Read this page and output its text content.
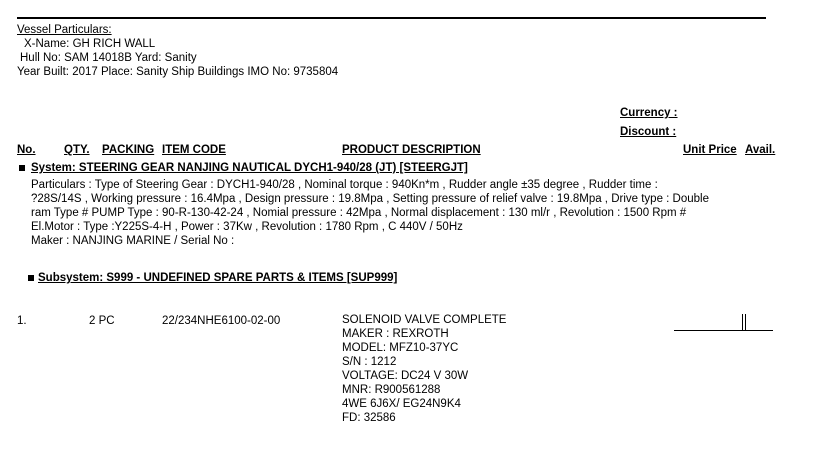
Vessel Particulars:
X-Name: GH RICH WALL
Hull No: SAM 14018B Yard: Sanity
Year Built: 2017 Place: Sanity Ship Buildings IMO No: 9735804
Currency :
Discount :
No. QTY. PACKING ITEM CODE	PRODUCT DESCRIPTION	Unit Price Avail.
System: STEERING GEAR NANJING NAUTICAL DYCH1-940/28 (JT) [STEERGJT]
Particulars : Type of Steering Gear : DYCH1-940/28 , Nominal torque : 940Kn*m , Rudder angle ±35 degree , Rudder time :
?28S/14S , Working pressure : 16.4Mpa , Design pressure : 19.8Mpa , Setting pressure of relief valve : 19.8Mpa , Drive type : Double
ram Type # PUMP Type : 90-R-130-42-24 , Nomial pressure : 42Mpa , Normal displacement : 130 ml/r , Revolution : 1500 Rpm #
El.Motor : Type :Y225S-4-H , Power : 37Kw , Revolution : 1780 Rpm , C 440V / 50Hz
Maker : NANJING MARINE / Serial No :
Subsystem: S999 - UNDEFINED SPARE PARTS & ITEMS [SUP999]
1.	2 PC	22/234NHE6100-02-00	SOLENOID VALVE COMPLETE
MAKER : REXROTH
MODEL: MFZ10-37YC
S/N : 1212
VOLTAGE: DC24 V 30W
MNR: R900561288
4WE 6J6X/ EG24N9K4
FD: 32586
